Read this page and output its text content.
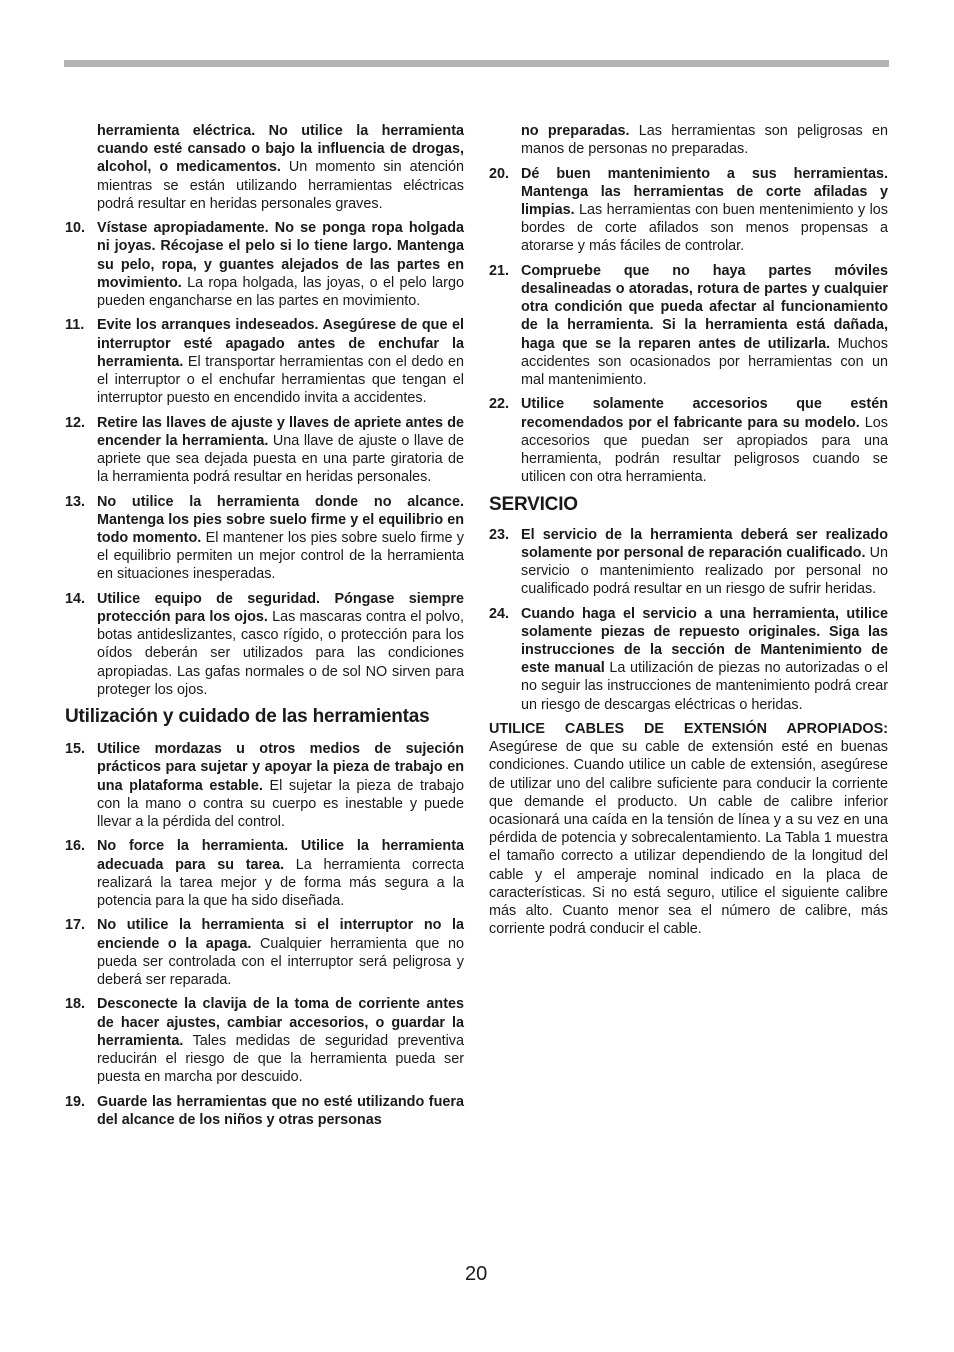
herramienta eléctrica. No utilice la herramienta cuando esté cansado o bajo la influencia de drogas, alcohol, o medicamentos. Un momento sin atención mientras se están utilizando herramientas eléctricas podrá resultar en heridas personales graves.

10. Vístase apropiadamente. No se ponga ropa holgada ni joyas. Récojase el pelo si lo tiene largo. Mantenga su pelo, ropa, y guantes alejados de las partes en movimiento. La ropa holgada, las joyas, o el pelo largo pueden engancharse en las partes en movimiento.

11. Evite los arranques indeseados. Asegúrese de que el interruptor esté apagado antes de enchufar la herramienta. El transportar herramientas con el dedo en el interruptor o el enchufar herramientas que tengan el interruptor puesto en encendido invita a accidentes.

12. Retire las llaves de ajuste y llaves de apriete antes de encender la herramienta. Una llave de ajuste o llave de apriete que sea dejada puesta en una parte giratoria de la herramienta podrá resultar en heridas personales.

13. No utilice la herramienta donde no alcance. Mantenga los pies sobre suelo firme y el equilibrio en todo momento. El mantener los pies sobre suelo firme y el equilibrio permiten un mejor control de la herramienta en situaciones inesperadas.

14. Utilice equipo de seguridad. Póngase siempre protección para los ojos. Las mascaras contra el polvo, botas antideslizantes, casco rígido, o protección para los oídos deberán ser utilizados para las condiciones apropiadas. Las gafas normales o de sol NO sirven para proteger los ojos.

Utilización y cuidado de las herramientas

15. Utilice mordazas u otros medios de sujeción prácticos para sujetar y apoyar la pieza de trabajo en una plataforma estable. El sujetar la pieza de trabajo con la mano o contra su cuerpo es inestable y puede llevar a la pérdida del control.

16. No force la herramienta. Utilice la herramienta adecuada para su tarea. La herramienta correcta realizará la tarea mejor y de forma más segura a la potencia para la que ha sido diseñada.

17. No utilice la herramienta si el interruptor no la enciende o la apaga. Cualquier herramienta que no pueda ser controlada con el interruptor será peligrosa y deberá ser reparada.

18. Desconecte la clavija de la toma de corriente antes de hacer ajustes, cambiar accesorios, o guardar la herramienta. Tales medidas de seguridad preventiva reducirán el riesgo de que la herramienta pueda ser puesta en marcha por descuido.

19. Guarde las herramientas que no esté utilizando fuera del alcance de los niños y otras personas

no preparadas. Las herramientas son peligrosas en manos de personas no preparadas.

20. Dé buen mantenimiento a sus herramientas. Mantenga las herramientas de corte afiladas y limpias. Las herramientas con buen mentenimiento y los bordes de corte afilados son menos propensas a atorarse y más fáciles de controlar.

21. Compruebe que no haya partes móviles desalineadas o atoradas, rotura de partes y cualquier otra condición que pueda afectar al funcionamiento de la herramienta. Si la herramienta está dañada, haga que se la reparen antes de utilizarla. Muchos accidentes son ocasionados por herramientas con un mal mantenimiento.

22. Utilice solamente accesorios que estén recomendados por el fabricante para su modelo. Los accesorios que puedan ser apropiados para una herramienta, podrán resultar peligrosos cuando se utilicen con otra herramienta.

SERVICIO

23. El servicio de la herramienta deberá ser realizado solamente por personal de reparación cualificado. Un servicio o mantenimiento realizado por personal no cualificado podrá resultar en un riesgo de sufrir heridas.

24. Cuando haga el servicio a una herramienta, utilice solamente piezas de repuesto originales. Siga las instrucciones de la sección de Mantenimiento de este manual La utilización de piezas no autorizadas o el no seguir las instrucciones de mantenimiento podrá crear un riesgo de descargas eléctricas o heridas.

UTILICE CABLES DE EXTENSIÓN APROPIADOS: Asegúrese de que su cable de extensión esté en buenas condiciones. Cuando utilice un cable de extensión, asegúrese de utilizar uno del calibre suficiente para conducir la corriente que demande el producto. Un cable de calibre inferior ocasionará una caída en la tensión de línea y a su vez en una pérdida de potencia y sobrecalentamiento. La Tabla 1 muestra el tamaño correcto a utilizar dependiendo de la longitud del cable y el amperaje nominal indicado en la placa de características. Si no está seguro, utilice el siguiente calibre más alto. Cuanto menor sea el número de calibre, más corriente podrá conducir el cable.

20
